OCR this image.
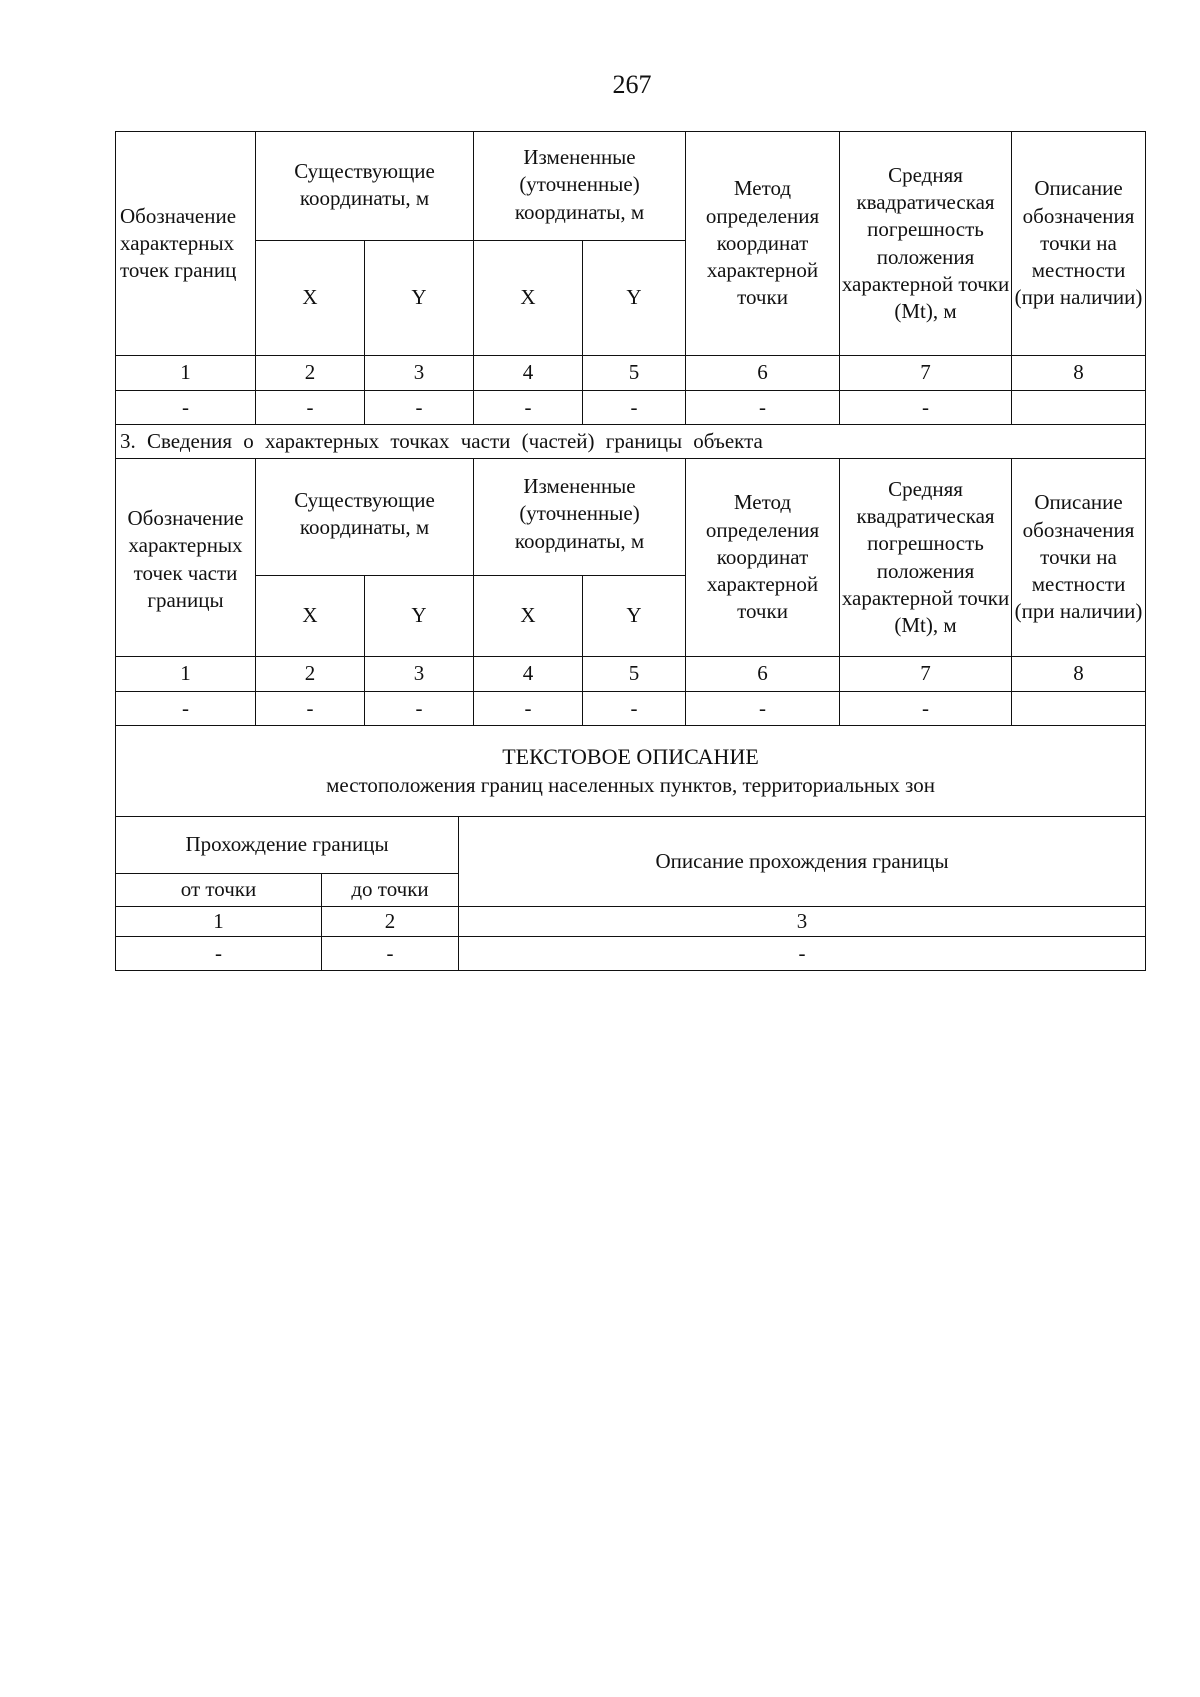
267
Обозначение характерных точек границ	Существующие координаты, м		Измененные (уточненные) координаты, м		Метод определения координат характерной точки	Средняя квадратическая погрешность положения характерной точки (Mt), м	Описание обозначения точки на местности (при наличии)
	X	Y	X	Y			
1	2	3	4	5	6	7	8
-	-	-	-	-	-	-	
3. Сведения о характерных точках части (частей) границы объекта							
Обозначение характерных точек части границы	Существующие координаты, м		Измененные (уточненные) координаты, м		Метод определения координат характерной точки	Средняя квадратическая погрешность положения характерной точки (Mt), м	Описание обозначения точки на местности (при наличии)
	X	Y	X	Y			
1	2	3	4	5	6	7	8
-	-	-	-	-	-	-	

ТЕКСТОВОЕ ОПИСАНИЕ
местоположения границ населенных пунктов, территориальных зон							
Прохождение границы		Описание прохождения границы
от точки	до точки	
1	2	3
-	-	-
